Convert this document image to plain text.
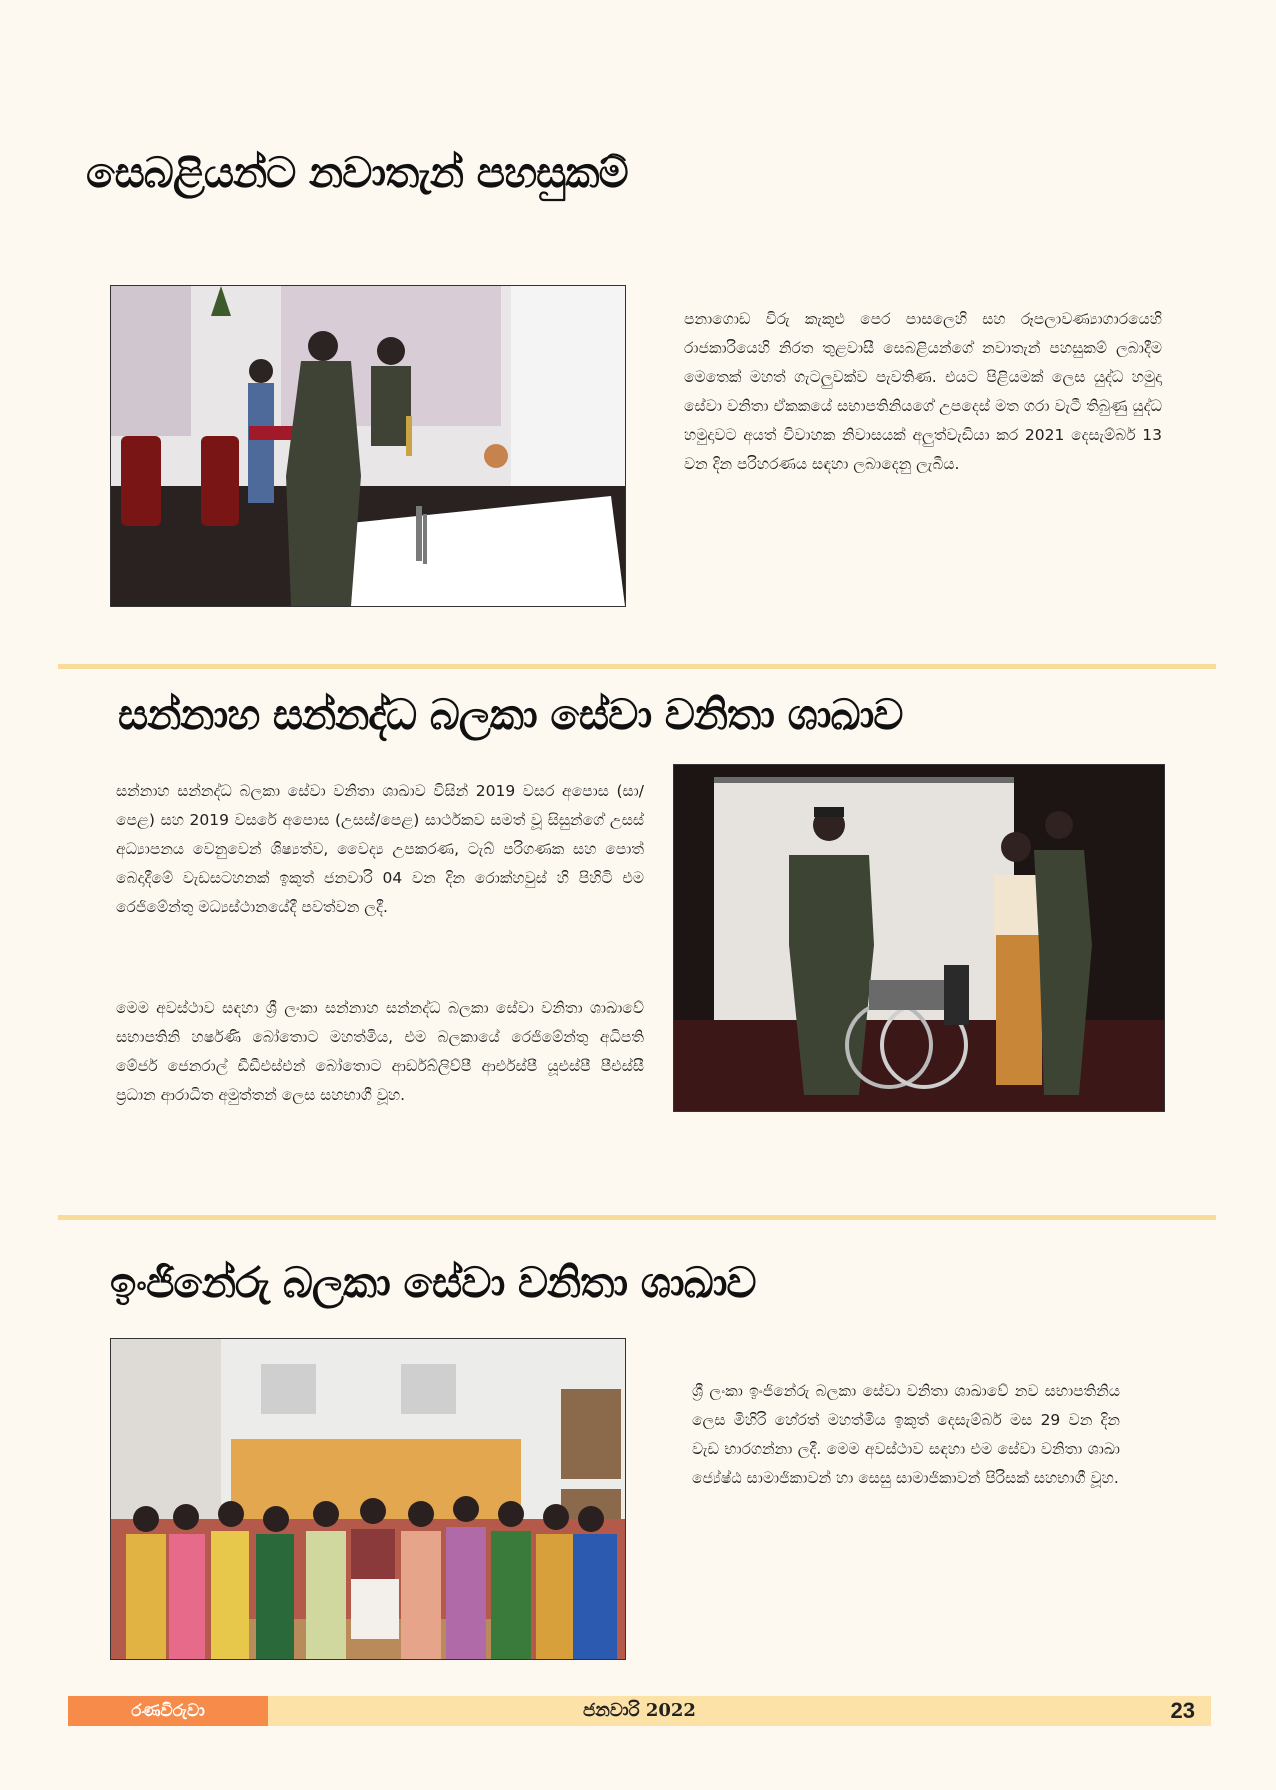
සෙබළියන්ට නවාතැන් පහසුකම්

පනාගොඩ විරු කැකුළු පෙර පාසලෙහි සහ රූපලාවණ්‍යාගාරයෙහි රාජකාරියෙහි නිරත තුළවාසී සෙබළියන්ගේ නවාතැන් පහසුකම් ලබාදීම මෙතෙක් මහත් ගැටලුවක්ව පැවතිණ. එයට පිළියමක් ලෙස යුද්ධ හමුදා සේවා වනිතා ඒකකයේ සභාපතිනියගේ උපදෙස් මත ගරා වැටී තිබුණු යුද්ධ හමුදාවට අයත් විවාහක නිවාසයක් අලුත්වැඩියා කර 2021 දෙසැම්බර් 13 වන දින පරිහරණය සඳහා ලබාදෙනු ලැබීය.

සන්නාහ සන්නද්ධ බලකා සේවා වනිතා ශාඛාව

සන්නාහ සන්නද්ධ බලකා සේවා වනිතා ශාඛාව විසින් 2019 වසර අපොස (සා/පෙළ) සහ 2019 වසරේ අපොස (උසස්/පෙළ) සාර්ථකව සමත් වූ සිසුන්ගේ උසස් අධ්‍යාපනය වෙනුවෙන් ශිෂ්‍යත්ව, වෛද්‍ය උපකරණ, ටැබ් පරිගණක සහ පොත් බෙදාදීමේ වැඩසටහනක් ඉකුත් ජනවාරි 04 වන දින රොක්හවුස් හි පිහිටි එම රෙජිමේන්තු මධ්‍යස්ථානයේදී පවත්වන ලදී.

මෙම අවස්ථාව සඳහා ශ්‍රී ලංකා සන්නාහ සන්නද්ධ බලකා සේවා වනිතා ශාඛාවේ සභාපතිනි හර්ෂණි බෝතොට මහත්මිය, එම බලකායේ රෙජිමේන්තු අධිපති මේජර් ජෙනරාල් ඩීඩීඑස්එන් බෝතොට ආර්ඩබ්ලිව්පී ආර්එස්පී යූඑස්පී පීඑස්සී ප්‍රධාන ආරාධිත අමුත්තන් ලෙස සහභාගී වූහ.

ඉංජිනේරු බලකා සේවා වනිතා ශාඛාව

ශ්‍රී ලංකා ඉංජිනේරු බලකා සේවා වනිතා ශාඛාවේ නව සභාපතිනිය ලෙස මිහිරි හේරත් මහත්මිය ඉකුත් දෙසැම්බර් මස 29 වන දින වැඩ භාරගන්නා ලදී. මෙම අවස්ථාව සඳහා එම සේවා වනිතා ශාඛා ජ්‍යේෂ්ඨ සාමාජිකාවන් හා සෙසු සාමාජිකාවන් පිරිසක් සහභාගී වූහ.

ජනවාරි 2022
රණවිරුවා	23
